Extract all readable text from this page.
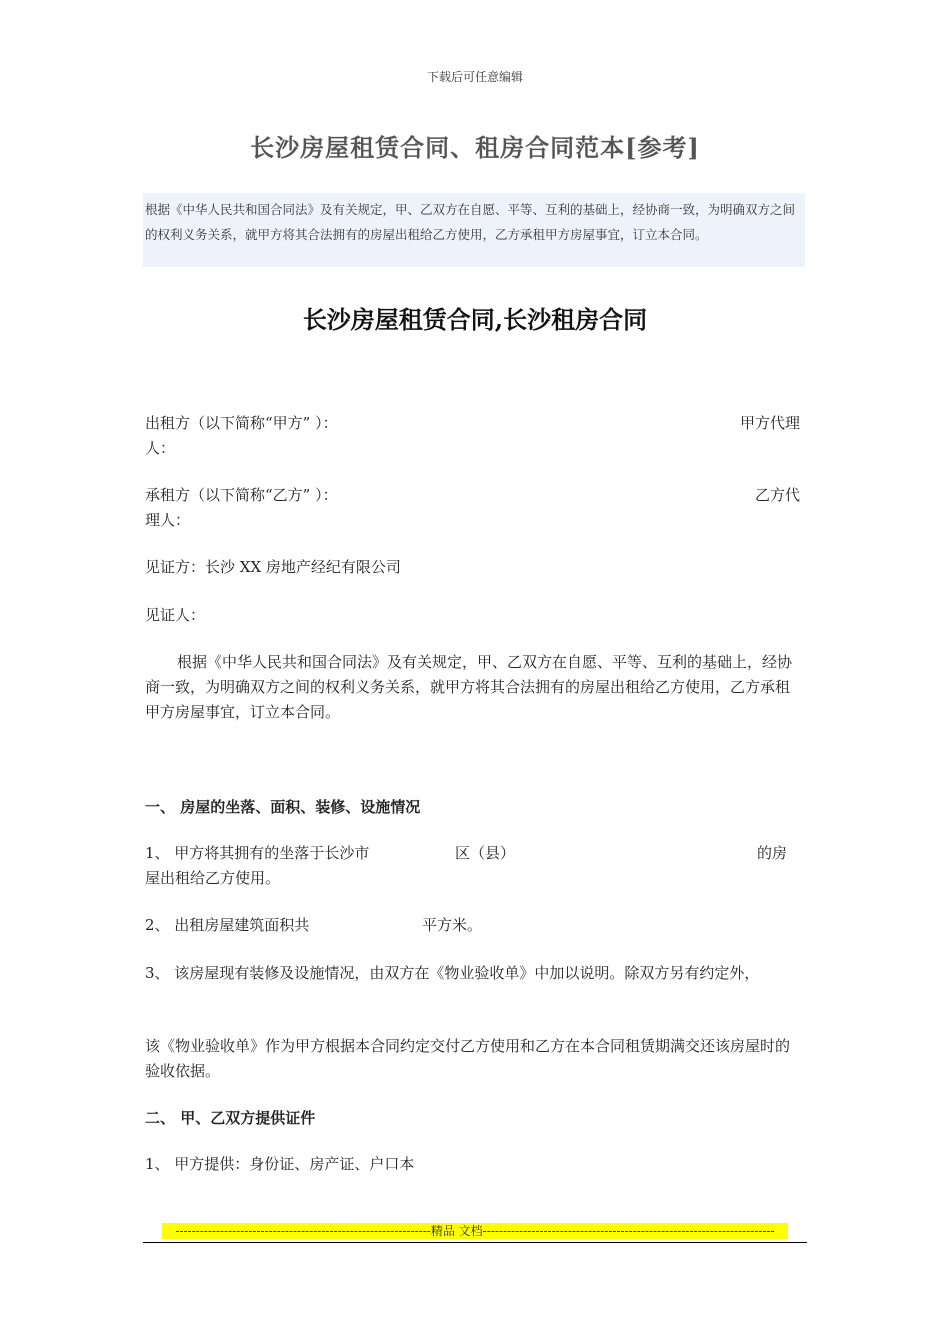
下载后可任意编辑
长沙房屋租赁合同、租房合同范本[参考]
根据《中华人民共和国合同法》及有关规定，甲、乙双方在自愿、平等、互利的基础上，经协商一致，为明确双方之间的权利义务关系，就甲方将其合法拥有的房屋出租给乙方使用，乙方承租甲方房屋事宜，订立本合同。
长沙房屋租赁合同,长沙租房合同
出租方（以下简称“甲方” ）：	甲方代理
人：
承租方（以下简称“乙方” ）：	乙方代
理人：
见证方：长沙 XX 房地产经纪有限公司
见证人：
根据《中华人民共和国合同法》及有关规定，甲、乙双方在自愿、平等、互利的基础上，经协商一致，为明确双方之间的权利义务关系，就甲方将其合法拥有的房屋出租给乙方使用，乙方承租甲方房屋事宜，订立本合同。
一、 房屋的坐落、面积、装修、设施情况
1、 甲方将其拥有的坐落于长沙市	区（县）	的房
屋出租给乙方使用。
2、 出租房屋建筑面积共	平方米。
3、 该房屋现有装修及设施情况，由双方在《物业验收单》中加以说明。除双方另有约定外，
该《物业验收单》作为甲方根据本合同约定交付乙方使用和乙方在本合同租赁期满交还该房屋时的验收依据。
二、 甲、乙双方提供证件
1、 甲方提供：身份证、房产证、户口本
---------------------------------------------------------------精品 文档------------------------------------------------------------------------
